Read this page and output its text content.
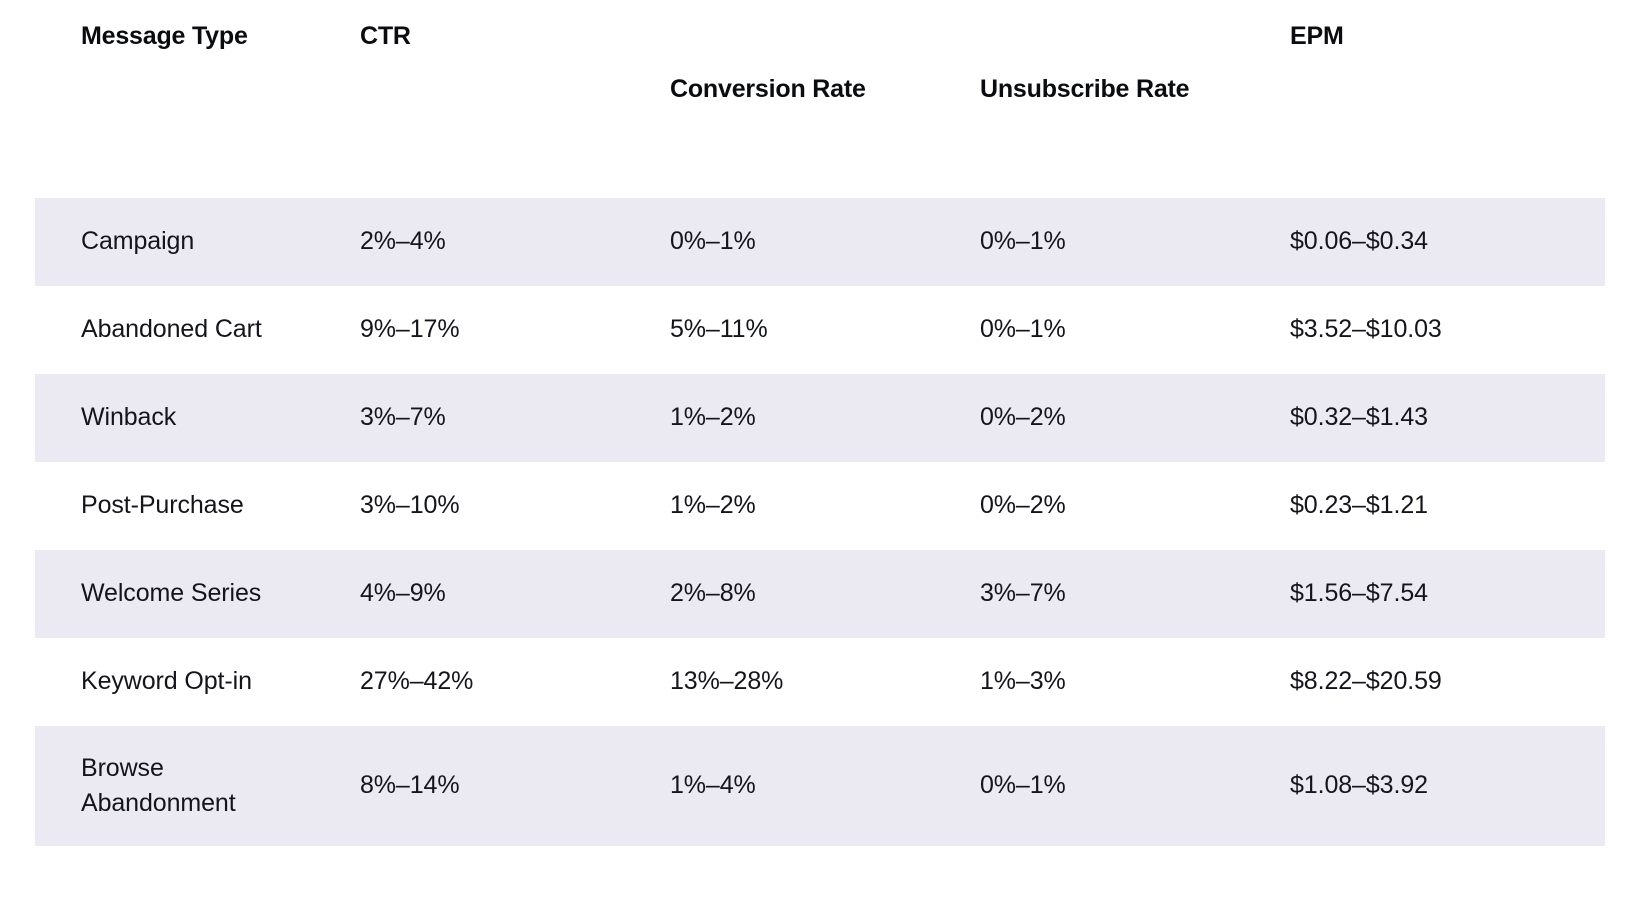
Message Type	CTR	Conversion Rate	Unsubscribe Rate	EPM
Campaign	2%–4%	0%–1%	0%–1%	$0.06–$0.34
Abandoned Cart	9%–17%	5%–11%	0%–1%	$3.52–$10.03
Winback	3%–7%	1%–2%	0%–2%	$0.32–$1.43
Post-Purchase	3%–10%	1%–2%	0%–2%	$0.23–$1.21
Welcome Series	4%–9%	2%–8%	3%–7%	$1.56–$7.54
Keyword Opt-in	27%–42%	13%–28%	1%–3%	$8.22–$20.59

Browse Abandonment	8%–14%	1%–4%	0%–1%	$1.08–$3.92
